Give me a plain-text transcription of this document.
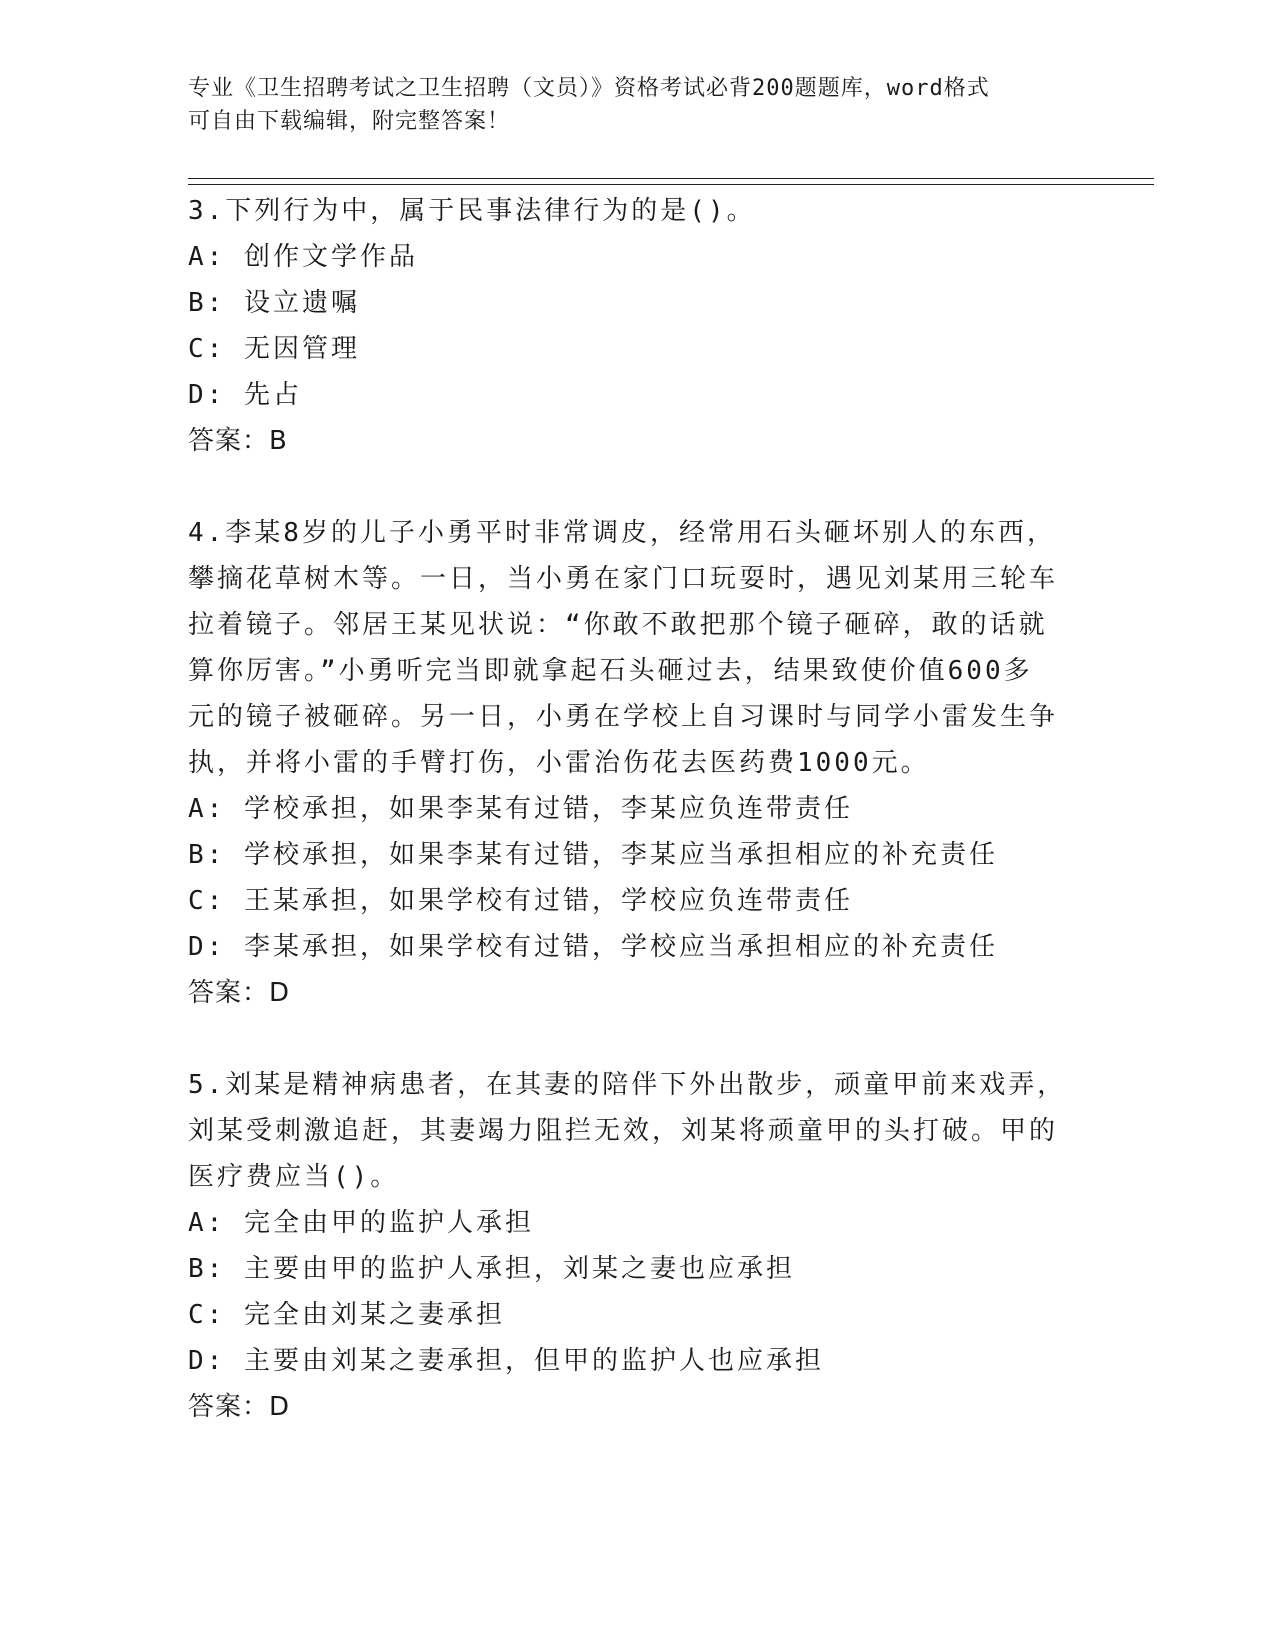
专业《卫生招聘考试之卫生招聘（文员）》资格考试必背200题题库，word格式
可自由下载编辑，附完整答案！
3.下列行为中，属于民事法律行为的是()。
A: 创作文学作品
B: 设立遗嘱
C: 无因管理
D: 先占
答案：B
4.李某8岁的儿子小勇平时非常调皮，经常用石头砸坏别人的东西，
攀摘花草树木等。一日，当小勇在家门口玩耍时，遇见刘某用三轮车
拉着镜子。邻居王某见状说：“你敢不敢把那个镜子砸碎，敢的话就
算你厉害。”小勇听完当即就拿起石头砸过去，结果致使价值600多
元的镜子被砸碎。另一日，小勇在学校上自习课时与同学小雷发生争
执，并将小雷的手臂打伤，小雷治伤花去医药费1000元。
A: 学校承担，如果李某有过错，李某应负连带责任
B: 学校承担，如果李某有过错，李某应当承担相应的补充责任
C: 王某承担，如果学校有过错，学校应负连带责任
D: 李某承担，如果学校有过错，学校应当承担相应的补充责任
答案：D
5.刘某是精神病患者，在其妻的陪伴下外出散步，顽童甲前来戏弄，
刘某受刺激追赶，其妻竭力阻拦无效，刘某将顽童甲的头打破。甲的
医疗费应当()。
A: 完全由甲的监护人承担
B: 主要由甲的监护人承担，刘某之妻也应承担
C: 完全由刘某之妻承担
D: 主要由刘某之妻承担，但甲的监护人也应承担
答案：D
